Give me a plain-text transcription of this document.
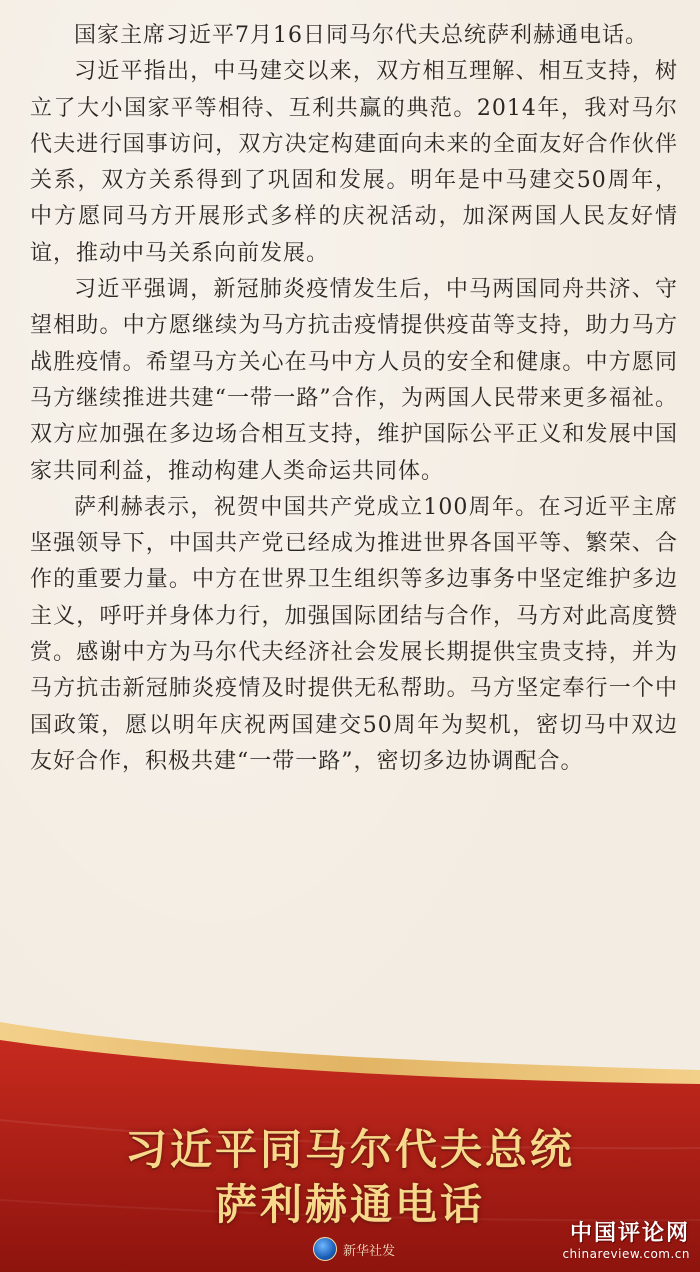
国家主席习近平7月16日同马尔代夫总统萨利赫通电话。

习近平指出，中马建交以来，双方相互理解、相互支持，树立了大小国家平等相待、互利共赢的典范。2014年，我对马尔代夫进行国事访问，双方决定构建面向未来的全面友好合作伙伴关系，双方关系得到了巩固和发展。明年是中马建交50周年，中方愿同马方开展形式多样的庆祝活动，加深两国人民友好情谊，推动中马关系向前发展。

习近平强调，新冠肺炎疫情发生后，中马两国同舟共济、守望相助。中方愿继续为马方抗击疫情提供疫苗等支持，助力马方战胜疫情。希望马方关心在马中方人员的安全和健康。中方愿同马方继续推进共建“一带一路”合作，为两国人民带来更多福祉。双方应加强在多边场合相互支持，维护国际公平正义和发展中国家共同利益，推动构建人类命运共同体。

萨利赫表示，祝贺中国共产党成立100周年。在习近平主席坚强领导下，中国共产党已经成为推进世界各国平等、繁荣、合作的重要力量。中方在世界卫生组织等多边事务中坚定维护多边主义，呼吁并身体力行，加强国际团结与合作，马方对此高度赞赏。感谢中方为马尔代夫经济社会发展长期提供宝贵支持，并为马方抗击新冠肺炎疫情及时提供无私帮助。马方坚定奉行一个中国政策，愿以明年庆祝两国建交50周年为契机，密切马中双边友好合作，积极共建“一带一路”，密切多边协调配合。

习近平同马尔代夫总统
萨利赫通电话
新华社发
中国评论网
chinareview.com.cn
